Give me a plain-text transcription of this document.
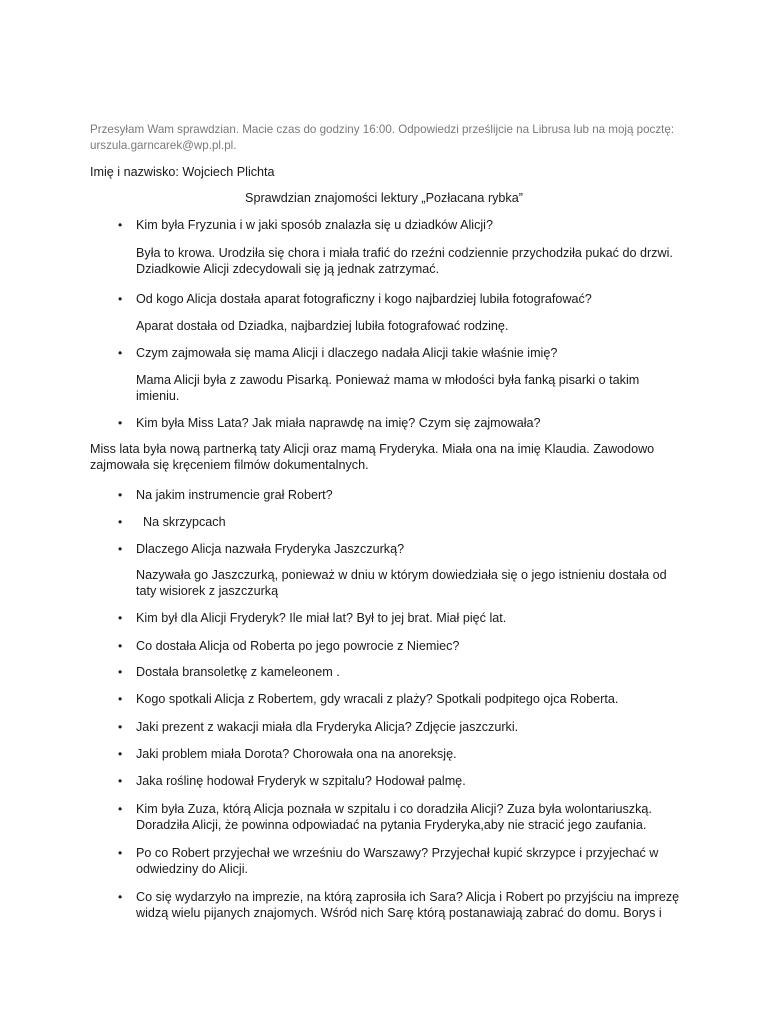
Przesyłam Wam sprawdzian. Macie czas do godziny 16:00. Odpowiedzi prześlijcie na Librusa lub na moją pocztę:
urszula.garncarek@wp.pl.pl.
Imię i nazwisko: Wojciech Plichta
Sprawdzian znajomości lektury „Pozłacana rybka”
• Kim była Fryzunia i w jaki sposób znalazła się u dziadków Alicji?
Była to krowa. Urodziła się chora i miała trafić do rzeźni codziennie przychodziła pukać do drzwi. Dziadkowie Alicji zdecydowali się ją jednak zatrzymać.
• Od kogo Alicja dostała aparat fotograficzny i kogo najbardziej lubiła fotografować?
Aparat dostała od Dziadka, najbardziej lubiła fotografować rodzinę.
• Czym zajmowała się mama Alicji i dlaczego nadała Alicji takie właśnie imię?
Mama Alicji była z zawodu Pisarką. Ponieważ mama w młodości była fanką pisarki o takim imieniu.
• Kim była Miss Lata? Jak miała naprawdę na imię? Czym się zajmowała?
Miss lata była nową partnerką taty Alicji oraz mamą Fryderyka. Miała ona na imię Klaudia. Zawodowo zajmowała się kręceniem filmów dokumentalnych.
• Na jakim instrumencie grał Robert?
• Na skrzypcach
• Dlaczego Alicja nazwała Fryderyka Jaszczurką?
Nazywała go Jaszczurką, ponieważ w dniu w którym dowiedziała się o jego istnieniu dostała od taty wisiorek z jaszczurką
• Kim był dla Alicji Fryderyk? Ile miał lat? Był to jej brat. Miał pięć lat.
• Co dostała Alicja od Roberta po jego powrocie z Niemiec?
• Dostała bransoletkę z kameleonem .
• Kogo spotkali Alicja z Robertem, gdy wracali z plaży? Spotkali podpitego ojca Roberta.
• Jaki prezent z wakacji miała dla Fryderyka Alicja? Zdjęcie jaszczurki.
• Jaki problem miała Dorota? Chorowała ona na anoreksję.
• Jaka roślinę hodował Fryderyk w szpitalu? Hodował palmę.
• Kim była Zuza, którą Alicja poznała w szpitalu i co doradziła Alicji? Zuza była wolontariuszką. Doradziła Alicji, że powinna odpowiadać na pytania Fryderyka,aby nie stracić jego zaufania.
• Po co Robert przyjechał we wrześniu do Warszawy? Przyjechał kupić skrzypce i przyjechać w odwiedziny do Alicji.
• Co się wydarzyło na imprezie, na którą zaprosiła ich Sara? Alicja i Robert po przyjściu na imprezę widzą wielu pijanych znajomych. Wśród nich Sarę którą postanawiają zabrać do domu. Borys i
